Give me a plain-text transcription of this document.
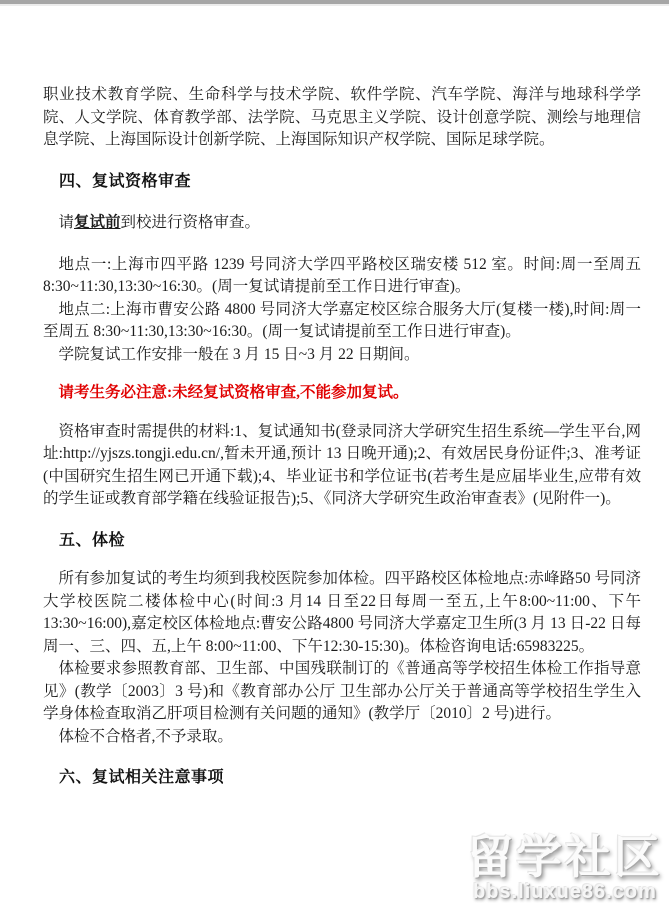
职业技术教育学院、生命科学与技术学院、软件学院、汽车学院、海洋与地球科学学院、人文学院、体育教学部、法学院、马克思主义学院、设计创意学院、测绘与地理信息学院、上海国际设计创新学院、上海国际知识产权学院、国际足球学院。

四、复试资格审查

请复试前到校进行资格审查。

地点一:上海市四平路 1239 号同济大学四平路校区瑞安楼 512 室。时间:周一至周五 8:30~11:30,13:30~16:30。(周一复试请提前至工作日进行审查)。

地点二:上海市曹安公路 4800 号同济大学嘉定校区综合服务大厅(复楼一楼),时间:周一至周五 8:30~11:30,13:30~16:30。(周一复试请提前至工作日进行审查)。

学院复试工作安排一般在 3 月 15 日~3 月 22 日期间。

请考生务必注意:未经复试资格审查,不能参加复试。

资格审查时需提供的材料:1、复试通知书(登录同济大学研究生招生系统—学生平台,网址:http://yjszs.tongji.edu.cn/,暂未开通,预计 13 日晚开通);2、有效居民身份证件;3、准考证(中国研究生招生网已开通下载);4、毕业证书和学位证书(若考生是应届毕业生,应带有效的学生证或教育部学籍在线验证报告);5、《同济大学研究生政治审查表》(见附件一)。

五、体检

所有参加复试的考生均须到我校医院参加体检。四平路校区体检地点:赤峰路50 号同济大学校医院二楼体检中心(时间:3 月14 日至22日每周一至五,上午8:00~11:00、下午 13:30~16:00),嘉定校区体检地点:曹安公路4800 号同济大学嘉定卫生所(3 月 13 日-22 日每周一、三、四、五,上午 8:00~11:00、下午12:30-15:30)。体检咨询电话:65983225。

体检要求参照教育部、卫生部、中国残联制订的《普通高等学校招生体检工作指导意见》(教学〔2003〕3 号)和《教育部办公厅 卫生部办公厅关于普通高等学校招生学生入学身体检查取消乙肝项目检测有关问题的通知》(教学厅〔2010〕2 号)进行。

体检不合格者,不予录取。

六、复试相关注意事项

留学社区
bbs.liuxue86.com
